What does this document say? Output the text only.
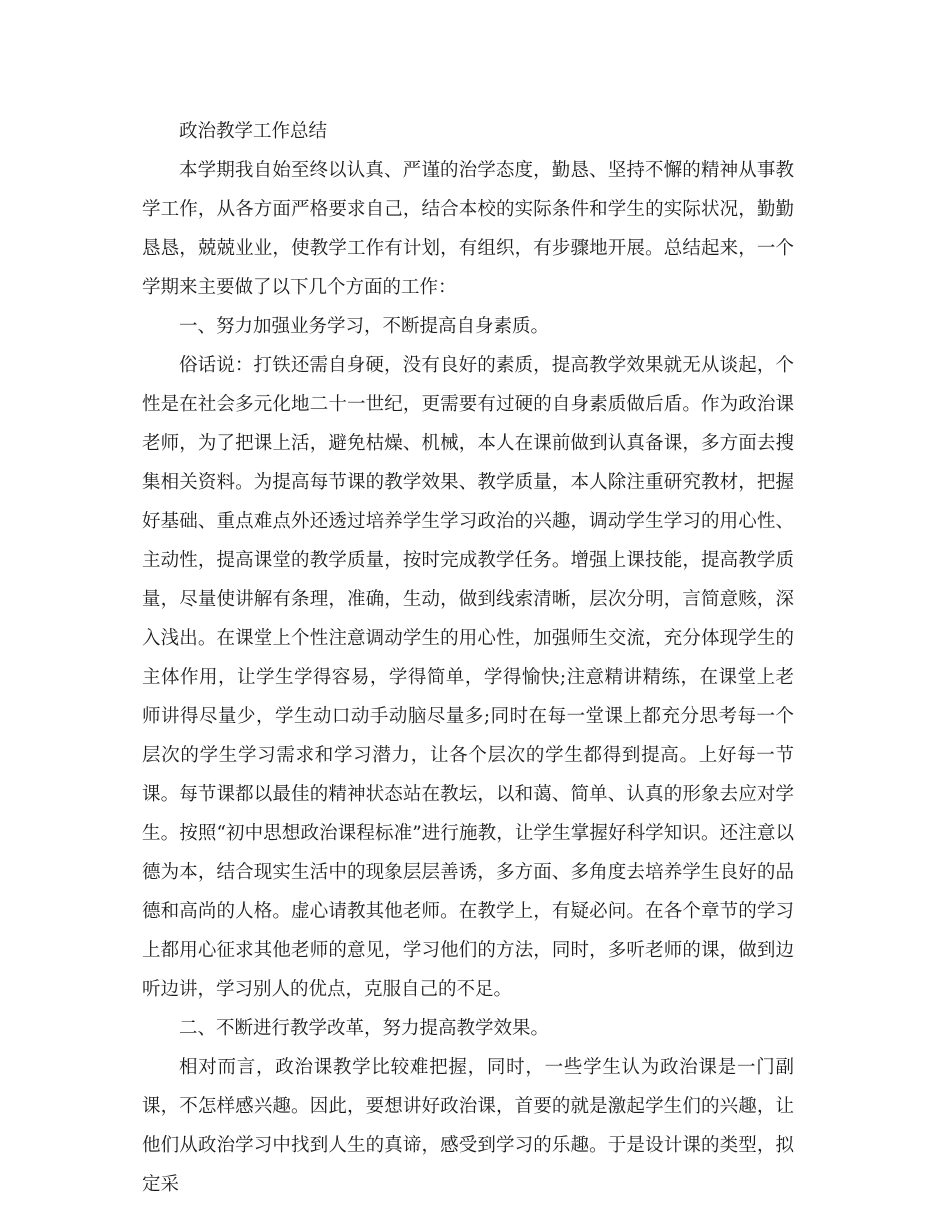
政治教学工作总结

本学期我自始至终以认真、严谨的治学态度，勤恳、坚持不懈的精神从事教学工作，从各方面严格要求自己，结合本校的实际条件和学生的实际状况，勤勤恳恳，兢兢业业，使教学工作有计划，有组织，有步骤地开展。总结起来，一个学期来主要做了以下几个方面的工作：

一、努力加强业务学习，不断提高自身素质。

俗话说：打铁还需自身硬，没有良好的素质，提高教学效果就无从谈起，个性是在社会多元化地二十一世纪，更需要有过硬的自身素质做后盾。作为政治课老师，为了把课上活，避免枯燥、机械，本人在课前做到认真备课，多方面去搜集相关资料。为提高每节课的教学效果、教学质量，本人除注重研究教材，把握好基础、重点难点外还透过培养学生学习政治的兴趣，调动学生学习的用心性、主动性，提高课堂的教学质量，按时完成教学任务。增强上课技能，提高教学质量，尽量使讲解有条理，准确，生动，做到线索清晰，层次分明，言简意赅，深入浅出。在课堂上个性注意调动学生的用心性，加强师生交流，充分体现学生的主体作用，让学生学得容易，学得简单，学得愉快;注意精讲精练，在课堂上老师讲得尽量少，学生动口动手动脑尽量多;同时在每一堂课上都充分思考每一个层次的学生学习需求和学习潜力，让各个层次的学生都得到提高。上好每一节课。每节课都以最佳的精神状态站在教坛，以和蔼、简单、认真的形象去应对学生。按照“初中思想政治课程标准”进行施教，让学生掌握好科学知识。还注意以德为本，结合现实生活中的现象层层善诱，多方面、多角度去培养学生良好的品德和高尚的人格。虚心请教其他老师。在教学上，有疑必问。在各个章节的学习上都用心征求其他老师的意见，学习他们的方法，同时，多听老师的课，做到边听边讲，学习别人的优点，克服自己的不足。

二、不断进行教学改革，努力提高教学效果。

相对而言，政治课教学比较难把握，同时，一些学生认为政治课是一门副课，不怎样感兴趣。因此，要想讲好政治课，首要的就是激起学生们的兴趣，让他们从政治学习中找到人生的真谛，感受到学习的乐趣。于是设计课的类型，拟定采
